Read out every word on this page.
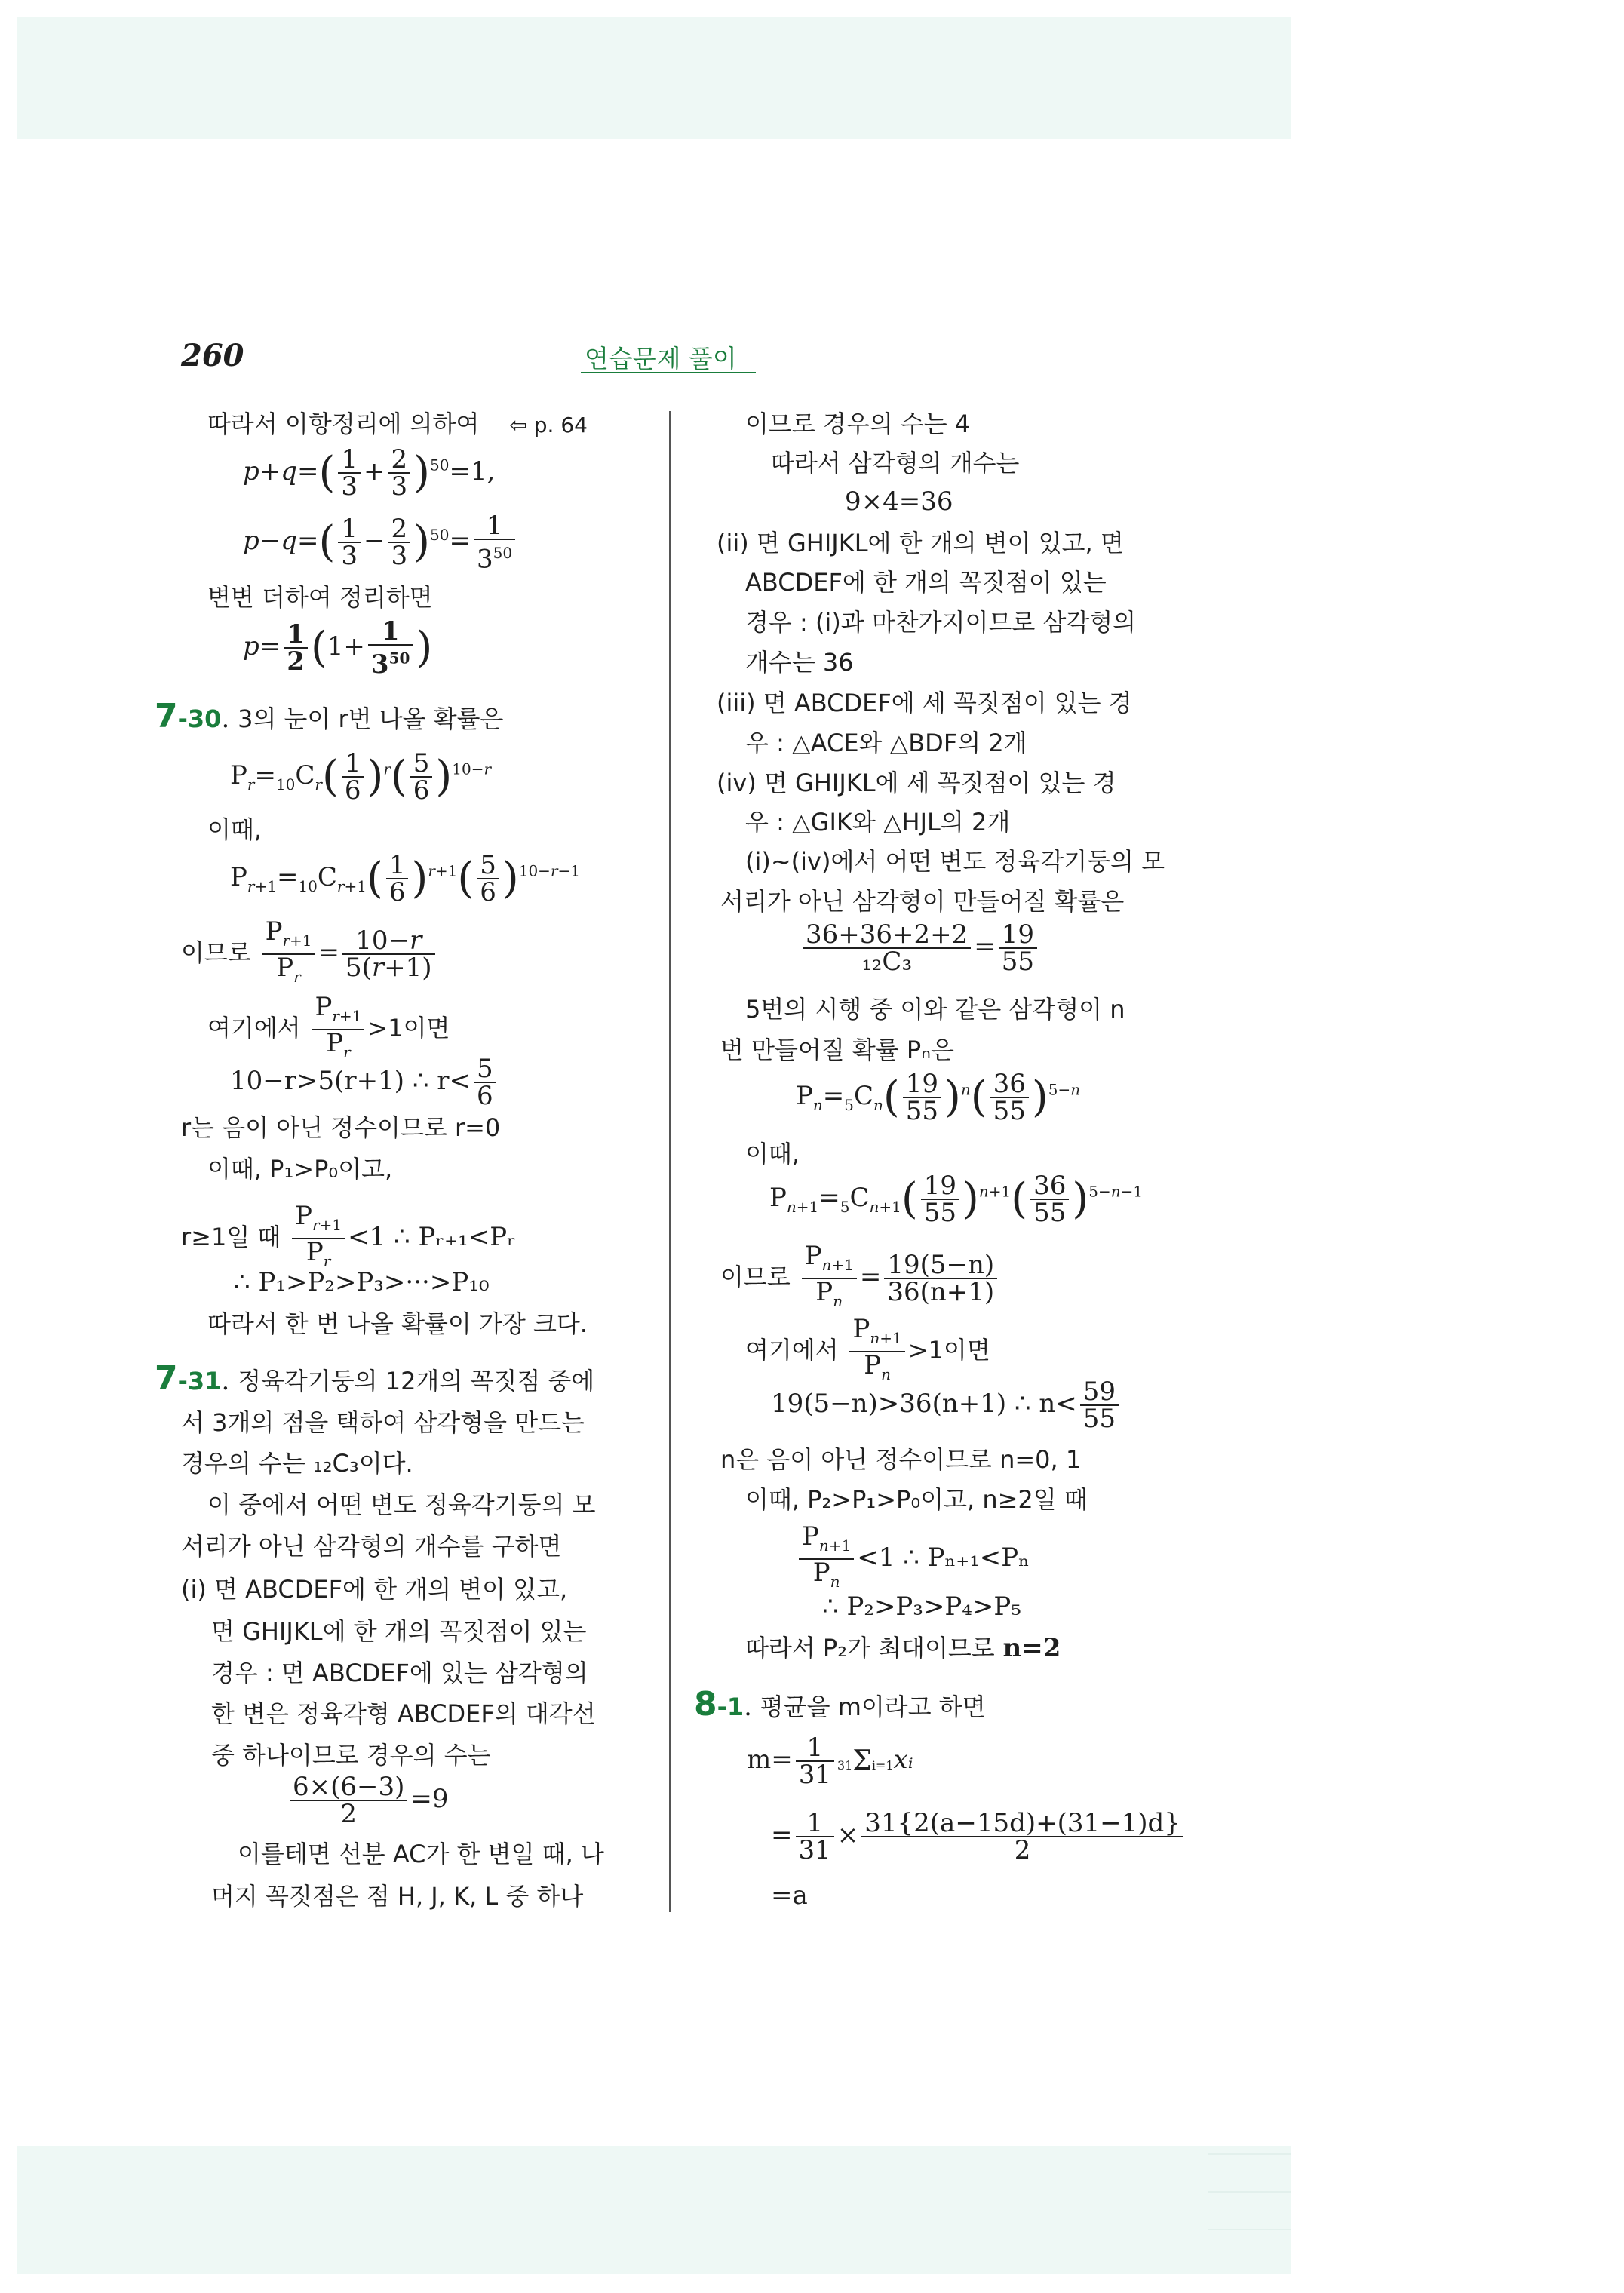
260	연습문제 풀이
따라서 이항정리에 의하여 ⇦ p. 64
$p+q=( \frac{1}{3} + \frac{2}{3} )^{50}=1$,
$p-q=( \frac{1}{3} - \frac{2}{3} )^{50}= \frac{1}{3^{50}}$
변변 더하여 정리하면
$p= \frac{1}{2} (1+ \frac{1}{3^{50}}$ )
7-30. 3의 눈이 r번 나올 확률은
$P_r=_{10}C_r( \frac{1}{6} )^r( \frac{5}{6} )^{10-r}$
이때,
$P_{r+1}=_{10}C_{r+1}( \frac{1}{6} )^{r+1}( \frac{5}{6} )^{10-r-1}$
이므로 $\frac{P_{r+1}}{P_r} = \frac{10-r}{5(r+1)}$
여기에서 $\frac{P_{r+1}}{P_r} >1$이면
10−r>5(r+1) ∴ $r< \frac{5}{6}$
r는 음이 아닌 정수이므로 r=0
이때, P₁>P₀이고,
r≥1일 때 $\frac{P_{r+1}}{P_r} <1$ ∴ Pᵣ₊₁<Pᵣ
∴ P₁>P₂>P₃>···>P₁₀
따라서 한 번 나올 확률이 가장 크다.
7-31. 정육각기둥의 12개의 꼭짓점 중에
서 3개의 점을 택하여 삼각형을 만드는
경우의 수는 ₁₂C₃이다.
이 중에서 어떤 변도 정육각기둥의 모
서리가 아닌 삼각형의 개수를 구하면
(i) 면 ABCDEF에 한 개의 변이 있고,
면 GHIJKL에 한 개의 꼭짓점이 있는
경우 : 면 ABCDEF에 있는 삼각형의
한 변은 정육각형 ABCDEF의 대각선
중 하나이므로 경우의 수는
$\frac{6\times(6-3)}{2} =9$
이를테면 선분 AC가 한 변일 때, 나
머지 꼭짓점은 점 H, J, K, L 중 하나
이므로 경우의 수는 4
따라서 삼각형의 개수는
9×4=36
(ii) 면 GHIJKL에 한 개의 변이 있고, 면
ABCDEF에 한 개의 꼭짓점이 있는
경우 : (i)과 마찬가지이므로 삼각형의
개수는 36
(iii) 면 ABCDEF에 세 꼭짓점이 있는 경
우 : △ACE와 △BDF의 2개
(iv) 면 GHIJKL에 세 꼭짓점이 있는 경
우 : △GIK와 △HJL의 2개
(i)~(iv)에서 어떤 변도 정육각기둥의 모
서리가 아닌 삼각형이 만들어질 확률은
$\frac{36+36+2+2}{\text{₁₂C₃}} = \frac{19}{55}$
5번의 시행 중 이와 같은 삼각형이 n
번 만들어질 확률 Pₙ은
$P_n=_5C_n( \frac{19}{55} )^n( \frac{36}{55} )^{5-n}$
이때,
$P_{n+1}=_5C_{n+1}( \frac{19}{55} )^{n+1}( \frac{36}{55} )^{5-n-1}$
이므로 $\frac{P_{n+1}}{P_n} = \frac{19(5-n)}{36(n+1)}$
여기에서 $\frac{P_{n+1}}{P_n} >1$이면
19(5−n)>36(n+1) ∴ $n< \frac{59}{55}$
n은 음이 아닌 정수이므로 n=0, 1
이때, P₂>P₁>P₀이고, n≥2일 때
$\frac{P_{n+1}}{P_n} <1$ ∴ Pₙ₊₁<Pₙ
∴ P₂>P₃>P₄>P₅
따라서 P₂가 최대이므로 n=2
8-1. 평균을 m이라고 하면
$m= \frac{1}{31}$ 31Σi=1xᵢ
= $\frac{1}{31} \times \frac{31\{2(a-15d)+(31-1)d\}}{2}$
=a
